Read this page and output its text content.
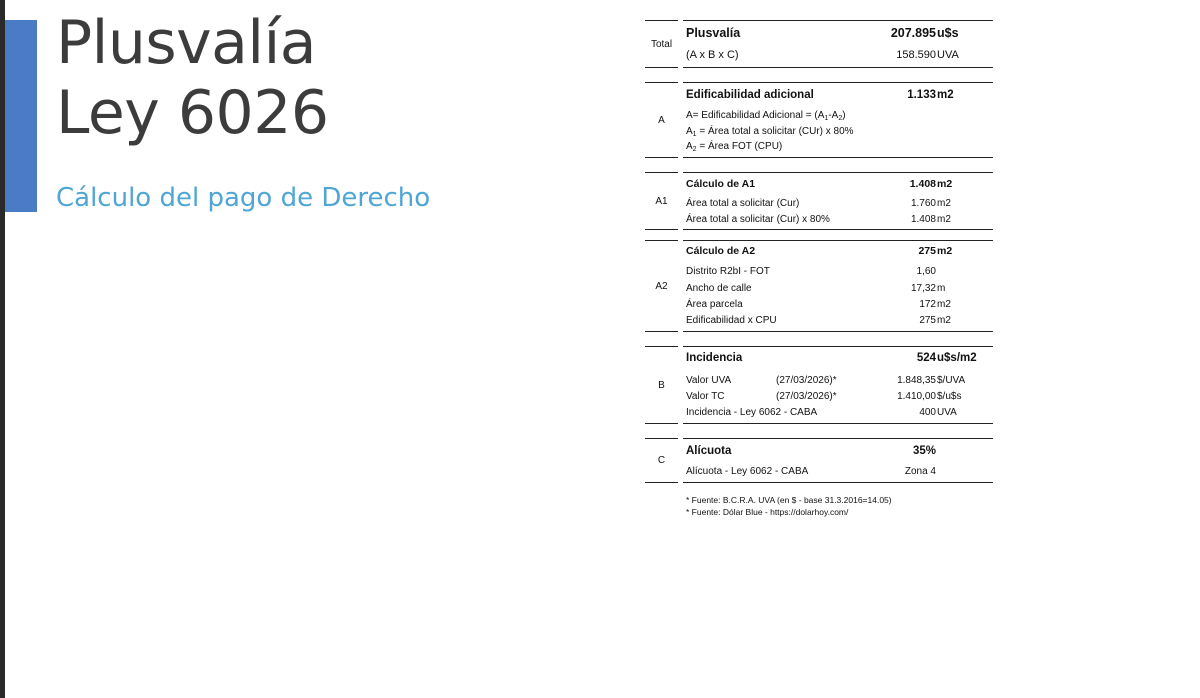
Plusvalía
Ley 6026
Cálculo del pago de Derecho
Total
Plusvalía	207.895 u$s
(A x B x C)	158.590 UVA
A
Edificabilidad adicional	1.133 m2
A= Edificabilidad Adicional = $(A_1-A_2)$
$A_1$ = Área total a solicitar (CUr) x 80%
$A_2$ = Área FOT (CPU)
A1
Cálculo de A1	1.408 m2
Área total a solicitar (Cur)	1.760 m2
Área total a solicitar (Cur) x 80%	1.408 m2
A2
Cálculo de A2	275 m2
Distrito R2bI - FOT	1,60
Ancho de calle	17,32 m
Área parcela	172 m2
Edificabilidad x CPU	275 m2
B
Incidencia	524 u$s/m2
Valor UVA	(27/03/2026)*	1.848,35 $/UVA
Valor TC	(27/03/2026)*	1.410,00 $/u$s
Incidencia - Ley 6062 - CABA	400 UVA
C
Alícuota	35%
Alícuota - Ley 6062 - CABA	Zona 4
* Fuente: B.C.R.A. UVA (en $ - base 31.3.2016=14.05)
* Fuente: Dólar Blue - https://dolarhoy.com/
